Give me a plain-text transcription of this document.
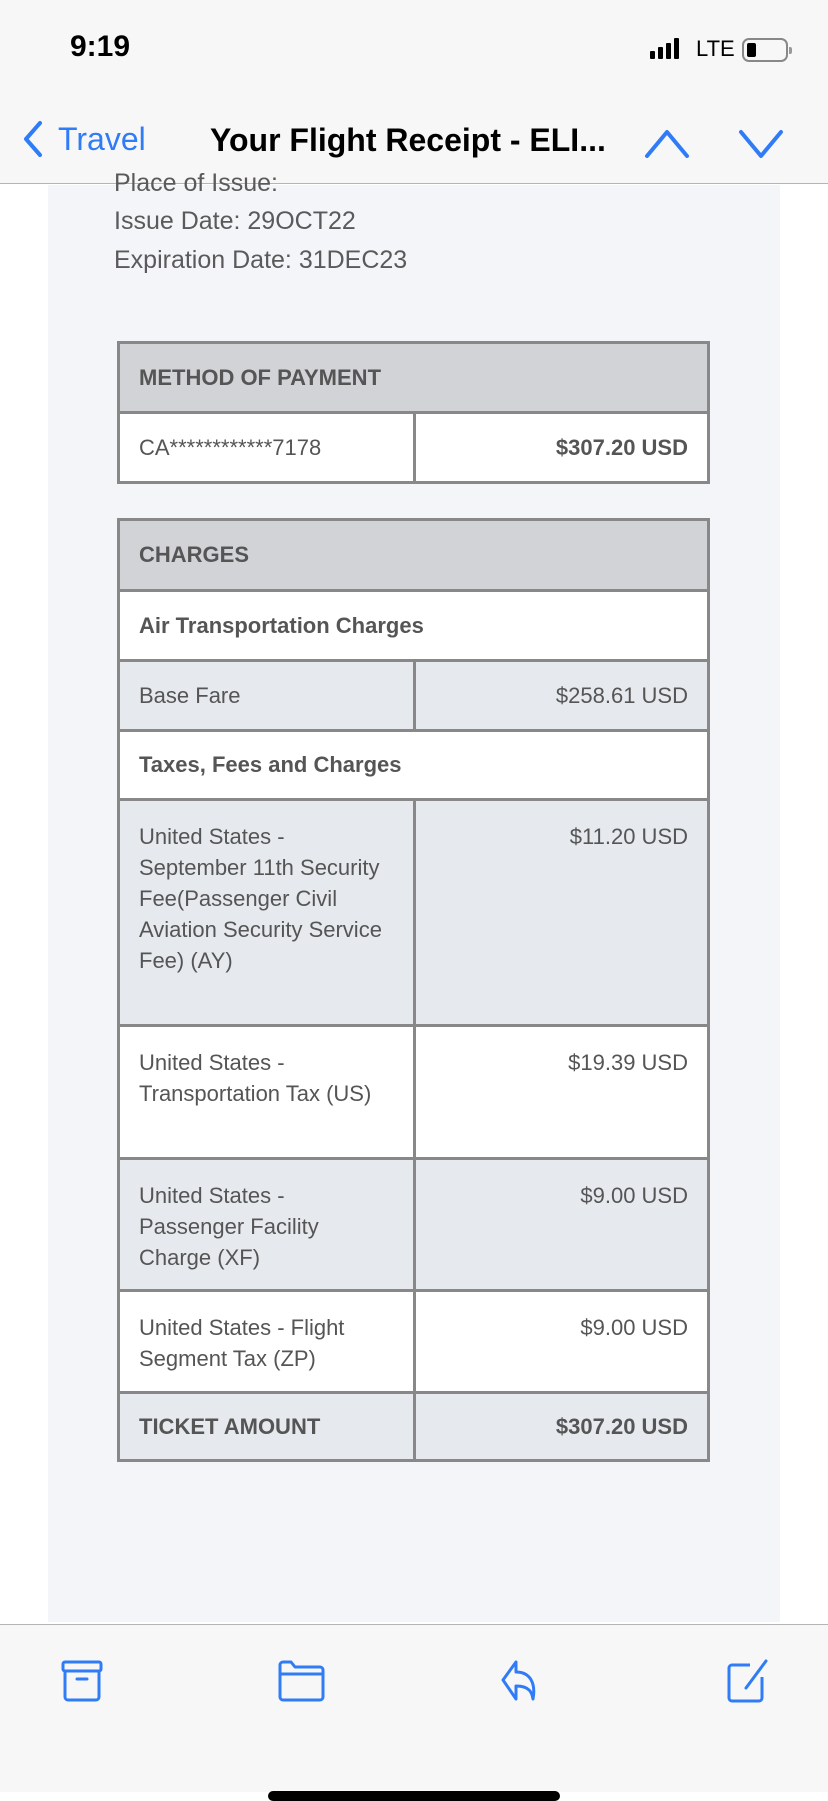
9:19	LTE
Travel Your Flight Receipt - ELI...
Place of Issue:
Issue Date: 29OCT22
Expiration Date: 31DEC23
METHOD OF PAYMENT
CA************7178	$307.20 USD
CHARGES	
Air Transportation Charges	
Base Fare	$258.61 USD
Taxes, Fees and Charges	
United States - September 11th Security Fee(Passenger Civil Aviation Security Service Fee) (AY)	$11.20 USD
United States - Transportation Tax (US)	$19.39 USD
United States - Passenger Facility Charge (XF)	$9.00 USD
United States - Flight Segment Tax (ZP)	$9.00 USD
TICKET AMOUNT	$307.20 USD
